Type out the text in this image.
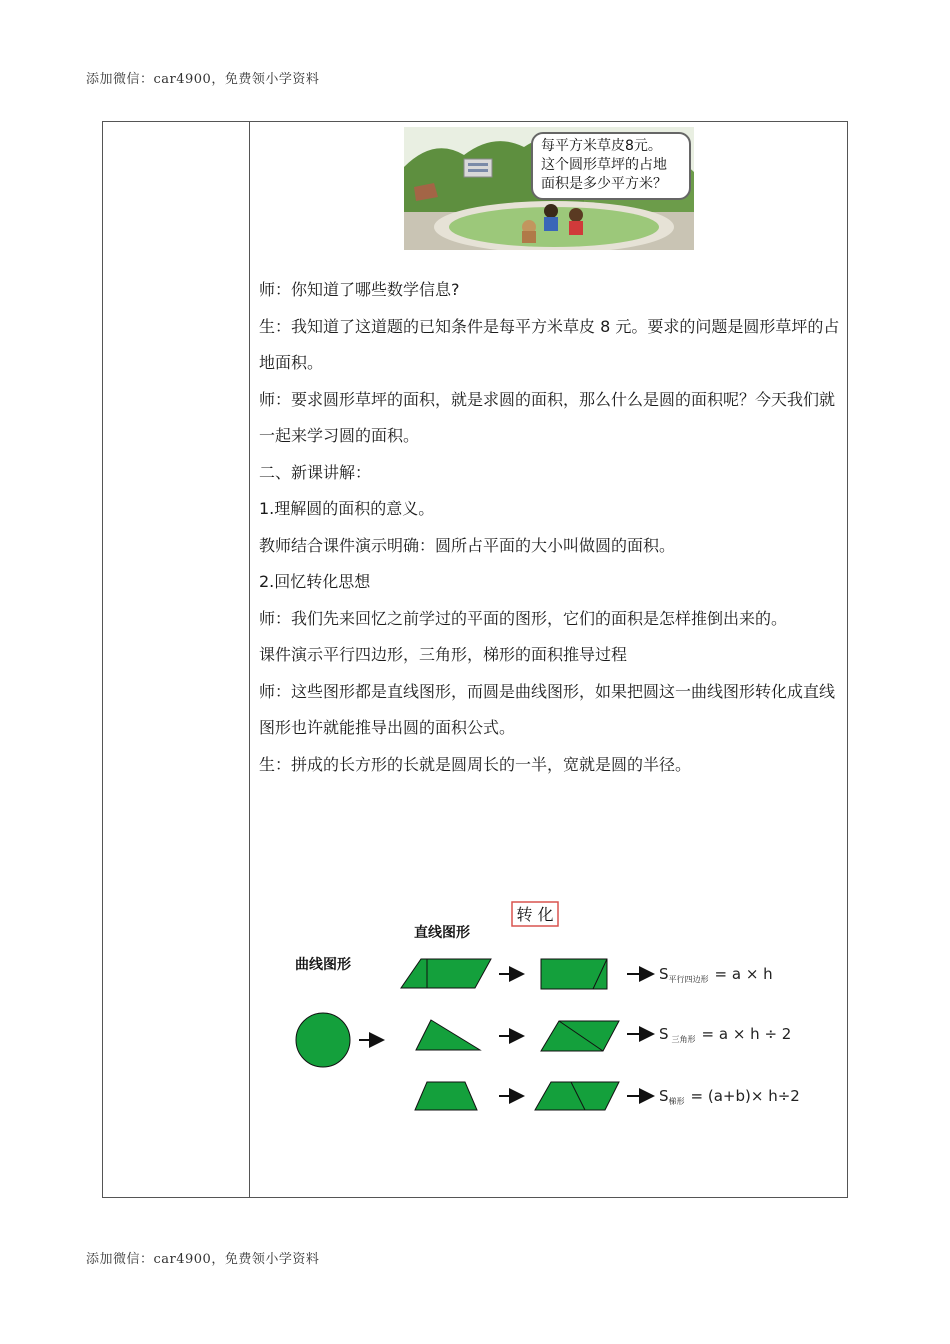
添加微信：car4900，免费领小学资料
每平方米草皮8元。
这个圆形草坪的占地
面积是多少平方米？

师：你知道了哪些数学信息?

生：我知道了这道题的已知条件是每平方米草皮 8 元。要求的问题是圆形草坪的占地面积。

师：要求圆形草坪的面积，就是求圆的面积，那么什么是圆的面积呢？今天我们就一起来学习圆的面积。

二、新课讲解：

1.理解圆的面积的意义。

教师结合课件演示明确：圆所占平面的大小叫做圆的面积。

2.回忆转化思想

师：我们先来回忆之前学过的平面的图形，它们的面积是怎样推倒出来的。

课件演示平行四边形，三角形，梯形的面积推导过程

师：这些图形都是直线图形，而圆是曲线图形，如果把圆这一曲线图形转化成直线图形也许就能推导出圆的面积公式。

生：拼成的长方形的长就是圆周长的一半，宽就是圆的半径。

转 化
直线图形
曲线图形	$S_{平行四边形} = a \times h$
S $_{三角形}$ = a × h ÷ 2
$S_{梯形} = (a+b)\times h\div 2$
添加微信：car4900，免费领小学资料
